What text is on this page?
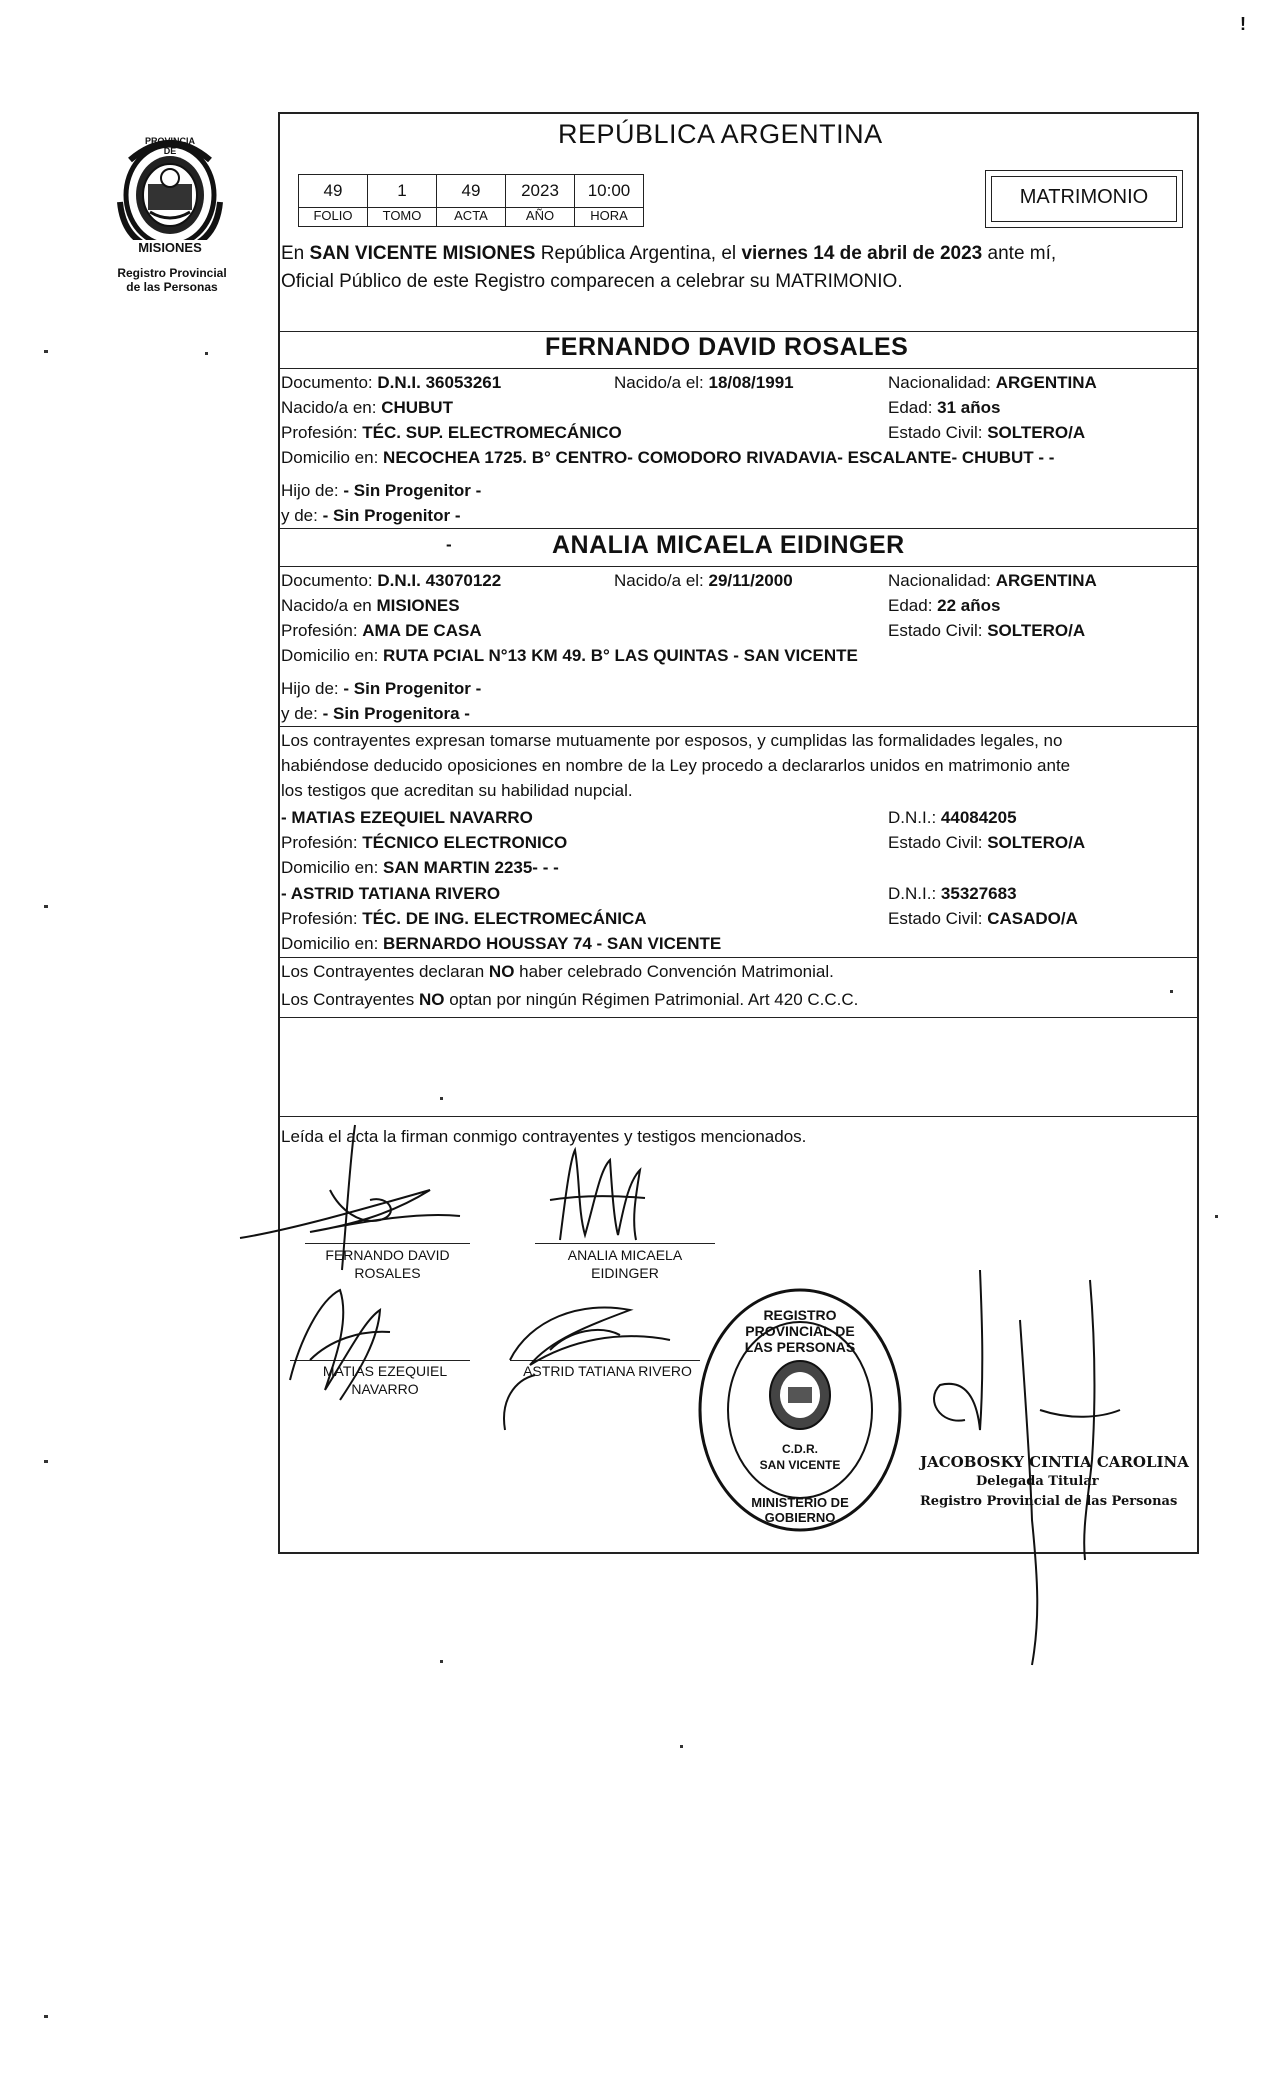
!
PROVINCIA DE
MISIONES
Registro Provincial
de las Personas
REPÚBLICA ARGENTINA
49	1	49	2023	10:00
FOLIO	TOMO	ACTA	AÑO	HORA
MATRIMONIO
En SAN VICENTE MISIONES República Argentina, el viernes 14 de abril de 2023 ante mí,
Oficial Público de este Registro comparecen a celebrar su MATRIMONIO.
FERNANDO DAVID ROSALES
Documento: D.N.I. 36053261	Nacido/a el: 18/08/1991	Nacionalidad: ARGENTINA
Nacido/a en: CHUBUT	Edad: 31 años
Profesión: TÉC. SUP. ELECTROMECÁNICO	Estado Civil: SOLTERO/A
Domicilio en: NECOCHEA 1725. B° CENTRO- COMODORO RIVADAVIA- ESCALANTE- CHUBUT - -
Hijo de: - Sin Progenitor -
y de: - Sin Progenitor -
-	ANALIA MICAELA EIDINGER
Documento: D.N.I. 43070122	Nacido/a el: 29/11/2000	Nacionalidad: ARGENTINA
Nacido/a en MISIONES	Edad: 22 años
Profesión: AMA DE CASA	Estado Civil: SOLTERO/A
Domicilio en: RUTA PCIAL N°13 KM 49. B° LAS QUINTAS - SAN VICENTE
Hijo de: - Sin Progenitor -
y de: - Sin Progenitora -
Los contrayentes expresan tomarse mutuamente por esposos, y cumplidas las formalidades legales, no
habiéndose deducido oposiciones en nombre de la Ley procedo a declararlos unidos en matrimonio ante
los testigos que acreditan su habilidad nupcial.
- MATIAS EZEQUIEL NAVARRO	D.N.I.: 44084205
Profesión: TÉCNICO ELECTRONICO	Estado Civil: SOLTERO/A
Domicilio en: SAN MARTIN 2235- - -
- ASTRID TATIANA RIVERO	D.N.I.: 35327683
Profesión: TÉC. DE ING. ELECTROMECÁNICA	Estado Civil: CASADO/A
Domicilio en: BERNARDO HOUSSAY 74 - SAN VICENTE
Los Contrayentes declaran NO haber celebrado Convención Matrimonial.
Los Contrayentes NO optan por ningún Régimen Patrimonial. Art 420 C.C.C.
Leída el acta la firman conmigo contrayentes y testigos mencionados.
FERNANDO DAVID
ROSALES
ANALIA MICAELA
EIDINGER
MATIAS EZEQUIEL
NAVARRO
ASTRID TATIANA RIVERO
REGISTRO PROVINCIAL DE LAS PERSONAS
C.D.R.
SAN VICENTE
MINISTERIO DE GOBIERNO
JACOBOSKY CINTIA CAROLINA
Delegada Titular
Registro Provincial de las Personas
